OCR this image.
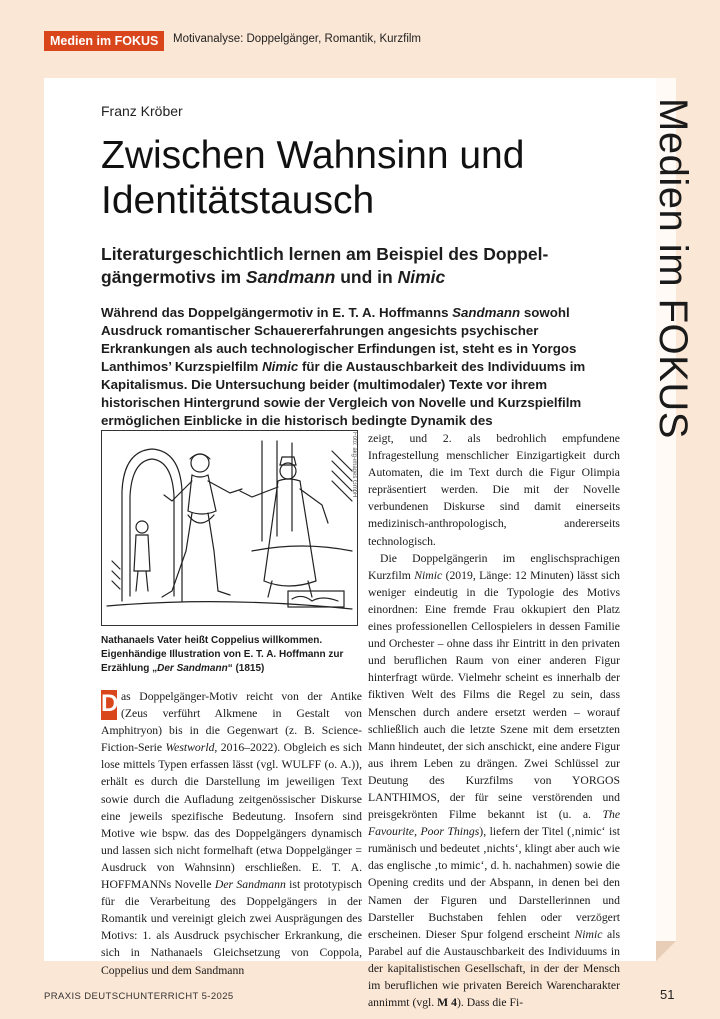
Medien im FOKUS	Motivanalyse: Doppelgänger, Romantik, Kurzfilm
Medien im FOKUS
Franz Kröber
Zwischen Wahnsinn und Identitätstausch

Literaturgeschichtlich lernen am Beispiel des Doppel-gängermotivs im Sandmann und in Nimic

Während das Doppelgängermotiv in E. T. A. Hoffmanns Sandmann sowohl Ausdruck romantischer Schauererfahrungen angesichts psychischer Erkrankungen als auch technologischer Erfindungen ist, steht es in Yorgos Lanthimos’ Kurzspielfilm Nimic für die Austauschbarkeit des Individuums im Kapitalismus. Die Untersuchung beider (multimodaler) Texte vor ihrem historischen Hintergrund sowie der Vergleich von Novelle und Kurzspielfilm ermöglichen Einblicke in die historisch bedingte Dynamik des

Foto: akg-images GmbH

Nathanaels Vater heißt Coppelius willkommen. Eigenhändige Illustration von E. T. A. Hoffmann zur Erzählung „Der Sandmann“ (1815)

D as Doppelgänger-Motiv reicht von der Antike (Zeus verführt Alkmene in Gestalt von Amphitryon) bis in die Gegenwart (z. B. Science-Fiction-Serie Westworld, 2016–2022). Obgleich es sich lose mittels Typen erfassen lässt (vgl. WULFF (o. A.)), erhält es durch die Darstellung im jeweiligen Text sowie durch die Aufladung zeitgenössischer Diskurse eine jeweils spezifische Bedeutung. Insofern sind Motive wie bspw. das des Doppelgängers dynamisch und lassen sich nicht formelhaft (etwa Doppelgänger = Ausdruck von Wahnsinn) erschließen. E. T. A. HOFFMANNs Novelle Der Sandmann ist prototypisch für die Verarbeitung des Doppelgängers in der Romantik und vereinigt gleich zwei Ausprägungen des Motivs: 1. als Ausdruck psychischer Erkrankung, die sich in Nathanaels Gleichsetzung von Coppola, Coppelius und dem Sandmann

zeigt, und 2. als bedrohlich empfundene Infragestellung menschlicher Einzigartigkeit durch Automaten, die im Text durch die Figur Olimpia repräsentiert werden. Die mit der Novelle verbundenen Diskurse sind damit einerseits medizinisch-anthropologisch, andererseits technologisch.

Die Doppelgängerin im englischsprachigen Kurzfilm Nimic (2019, Länge: 12 Minuten) lässt sich weniger eindeutig in die Typologie des Motivs einordnen: Eine fremde Frau okkupiert den Platz eines professionellen Cellospielers in dessen Familie und Orchester – ohne dass ihr Eintritt in den privaten und beruflichen Raum von einer anderen Figur hinterfragt würde. Vielmehr scheint es innerhalb der fiktiven Welt des Films die Regel zu sein, dass Menschen durch andere ersetzt werden – worauf schließlich auch die letzte Szene mit dem ersetzten Mann hindeutet, der sich anschickt, eine andere Figur aus ihrem Leben zu drängen. Zwei Schlüssel zur Deutung des Kurzfilms von YORGOS LANTHIMOS, der für seine verstörenden und preisgekrönten Filme bekannt ist (u. a. The Favourite, Poor Things), liefern der Titel (‚nimic‘ ist rumänisch und bedeutet ‚nichts‘, klingt aber auch wie das englische ‚to mimic‘, d. h. nachahmen) sowie die Opening credits und der Abspann, in denen bei den Namen der Figuren und Darstellerinnen und Darsteller Buchstaben fehlen oder verzögert erscheinen. Dieser Spur folgend erscheint Nimic als Parabel auf die Austauschbarkeit des Individuums in der kapitalistischen Gesellschaft, in der der Mensch im beruflichen wie privaten Bereich Warencharakter annimmt (vgl. M 4). Dass die Fi-

PRAXIS DEUTSCHUNTERRICHT 5-2025	51
